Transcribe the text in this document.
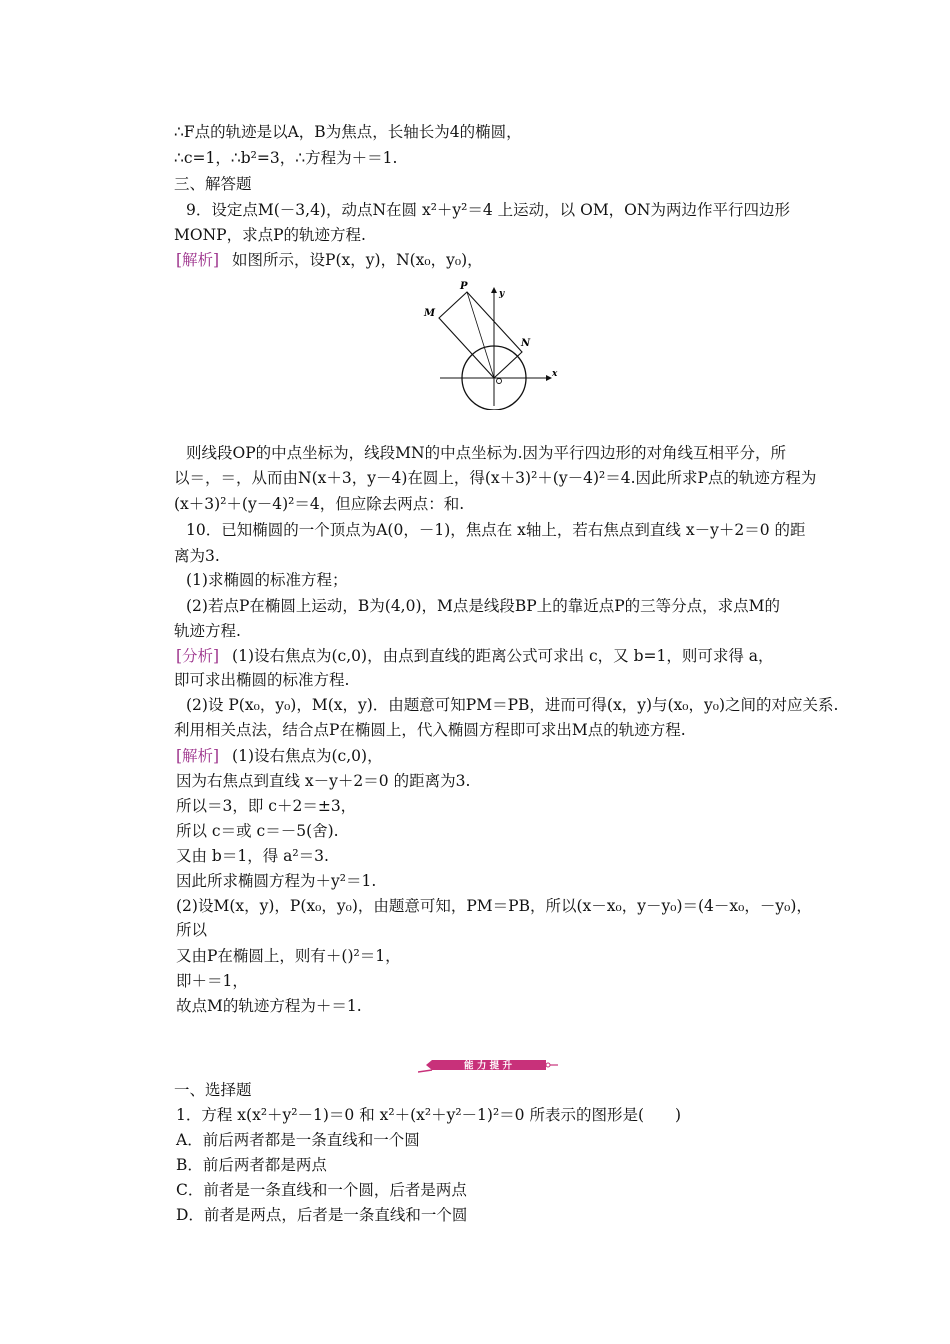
∴F点的轨迹是以A，B为焦点，长轴长为4的椭圆，
∴c=1，∴b²=3，∴方程为＋＝1.
三、解答题
9．设定点M(－3,4)，动点N在圆 x²＋y²＝4 上运动，以 OM，ON为两边作平行四边形
MONP，求点P的轨迹方程.
[解析] 如图所示，设P(x，y)，N(x₀，y₀)，
P
M
N
x
y
则线段OP的中点坐标为，线段MN的中点坐标为.因为平行四边形的对角线互相平分，所
以＝，＝，从而由N(x＋3，y－4)在圆上，得(x＋3)²＋(y－4)²＝4.因此所求P点的轨迹方程为
(x＋3)²＋(y－4)²＝4，但应除去两点：和.
10．已知椭圆的一个顶点为A(0，－1)，焦点在 x轴上，若右焦点到直线 x－y＋2＝0 的距
离为3.
(1)求椭圆的标准方程；
(2)若点P在椭圆上运动，B为(4,0)，M点是线段BP上的靠近点P的三等分点，求点M的
轨迹方程.
[分析] (1)设右焦点为(c,0)，由点到直线的距离公式可求出 c，又 b=1，则可求得 a，
即可求出椭圆的标准方程.
(2)设 P(x₀，y₀)，M(x，y)．由题意可知PM＝PB，进而可得(x，y)与(x₀，y₀)之间的对应关系.
利用相关点法，结合点P在椭圆上，代入椭圆方程即可求出M点的轨迹方程.
[解析] (1)设右焦点为(c,0)，
因为右焦点到直线 x－y＋2＝0 的距离为3.
所以＝3，即 c＋2＝±3，
所以 c＝或 c＝－5(舍).
又由 b＝1，得 a²＝3.
因此所求椭圆方程为＋y²＝1.
(2)设M(x，y)，P(x₀，y₀)，由题意可知，PM＝PB，所以(x－x₀，y－y₀)＝(4－x₀，－y₀)，
所以
又由P在椭圆上，则有＋()²＝1，
即＋＝1，
故点M的轨迹方程为＋＝1.
能 力 提 升
一、选择题
1．方程 x(x²＋y²－1)＝0 和 x²＋(x²＋y²－1)²＝0 所表示的图形是(　　)
A．前后两者都是一条直线和一个圆
B．前后两者都是两点
C．前者是一条直线和一个圆，后者是两点
D．前者是两点，后者是一条直线和一个圆
